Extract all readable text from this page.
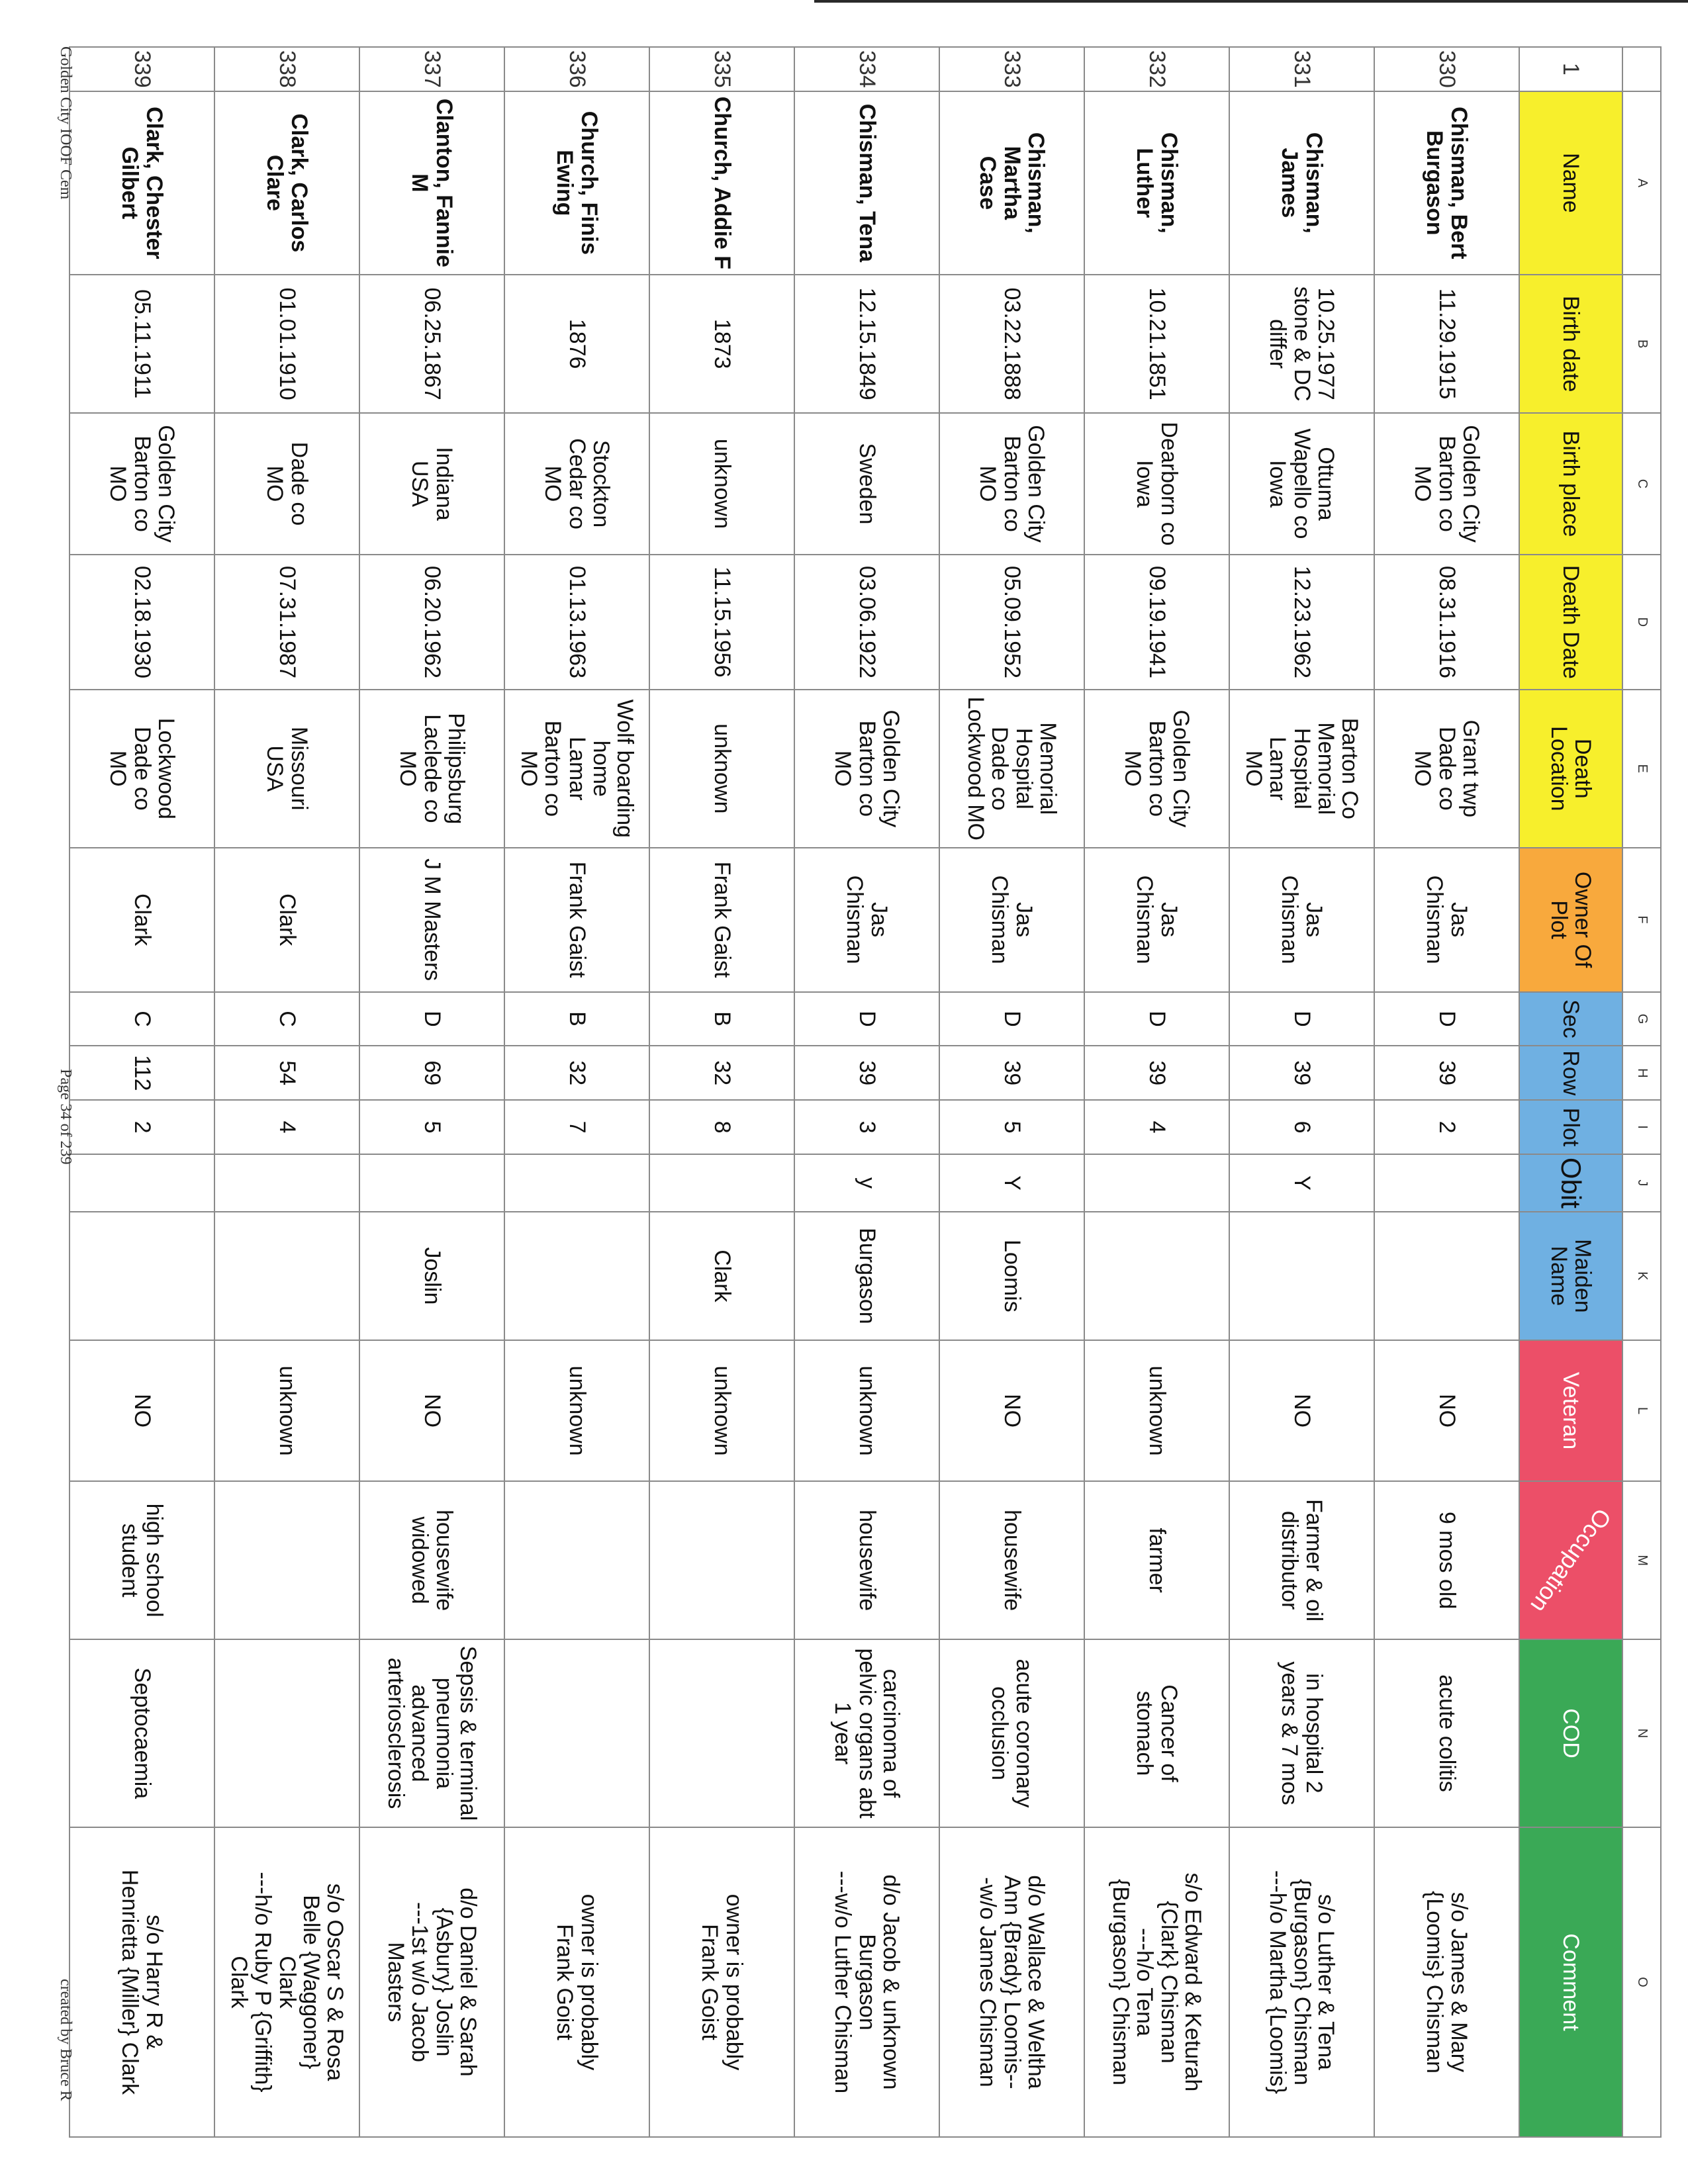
	A	B	C	D	E	F	G	H	I	J	K	L	M	N	O
1	Name	Birth date	Birth place	Death Date	Death Location	Owner Of Plot	Sec	Row	Plot	Obit	Maiden Name	Veteran	Occupation	COD	Comment
330	Chisman, Bert
Burgason	11.29.1915	Golden City
Barton co
MO	08.31.1916	Grant twp
Dade co
MO	Jas
Chisman	D	39	2			NO	9 mos old	acute colitis	s/o James & Mary
{Loomis} Chisman
331	Chisman, James	10.25.1977
stone & DC
differ	Ottuma
Wapello co
Iowa	12.23.1962	Barton Co
Memorial
Hospital
Lamar
MO	Jas
Chisman	D	39	6	Y		NO	Farmer & oil
distributor	in hospital 2
years & 7 mos	s/o Luther & Tena
{Burgason} Chisman
---h/o Martha {Loomis}
332	Chisman, Luther	10.21.1851	Dearborn co
Iowa	09.19.1941	Golden City
Barton co
MO	Jas
Chisman	D	39	4			unknown	farmer	Cancer of
stomach	s/o Edward & Keturah
{Clark} Chisman
---h/o Tena
{Burgason} Chisman
333	Chisman, Martha
Case	03.22.1888	Golden City
Barton co
MO	05.09.1952	Memorial
Hospital
Dade co
Lockwood MO	Jas
Chisman	D	39	5	Y	Loomis	NO	housewife	acute coronary
occlusion	d/o Wallace & Weltha
Ann {Brady} Loomis--
-w/o James Chisman
334	Chisman, Tena	12.15.1849	Sweden	03.06.1922	Golden City
Barton co
MO	Jas
Chisman	D	39	3	y	Burgason	unknown	housewife	carcinoma of
pelvic organs abt
1 year	d/o Jacob & unknown
Burgason
---w/o Luther Chisman
335	Church, Addie F	1873	unknown	11.15.1956	unknown	Frank Gaist	B	32	8		Clark	unknown			owner is probably
Frank Goist
336	Church, Finis
Ewing	1876	Stockton
Cedar co
MO	01.13.1963	Wolf boarding
home
Lamar
Barton co
MO	Frank Gaist	B	32	7			unknown			owner is probably
Frank Goist
337	Clanton, Fannie M	06.25.1867	Indiana
USA	06.20.1962	Philipsburg
Laclede co
MO	J M Masters	D	69	5		Joslin	NO	housewife
widowed	Sepsis & terminal
pneumonia
advanced
arteriosclerosis	d/o Daniel & Sarah
{Asbury} Joslin
---1st w/o Jacob
Masters
338	Clark, Carlos Clare	01.01.1910	Dade co
MO	07.31.1987	Missouri
USA	Clark	C	54	4			unknown			s/o Oscar S & Rosa
Belle {Waggoner}
Clark
---h/o Ruby P {Griffith}
Clark
339	Clark, Chester
Gilbert	05.11.1911	Golden City
Barton co
MO	02.18.1930	Lockwood
Dade co
MO	Clark	C	112	2			NO	high school
student	Septocaemia	s/o Harry R &
Henrietta {Miller} Clark
Golden City IOOF Cem
Page 34 of 239
created by Bruce R
